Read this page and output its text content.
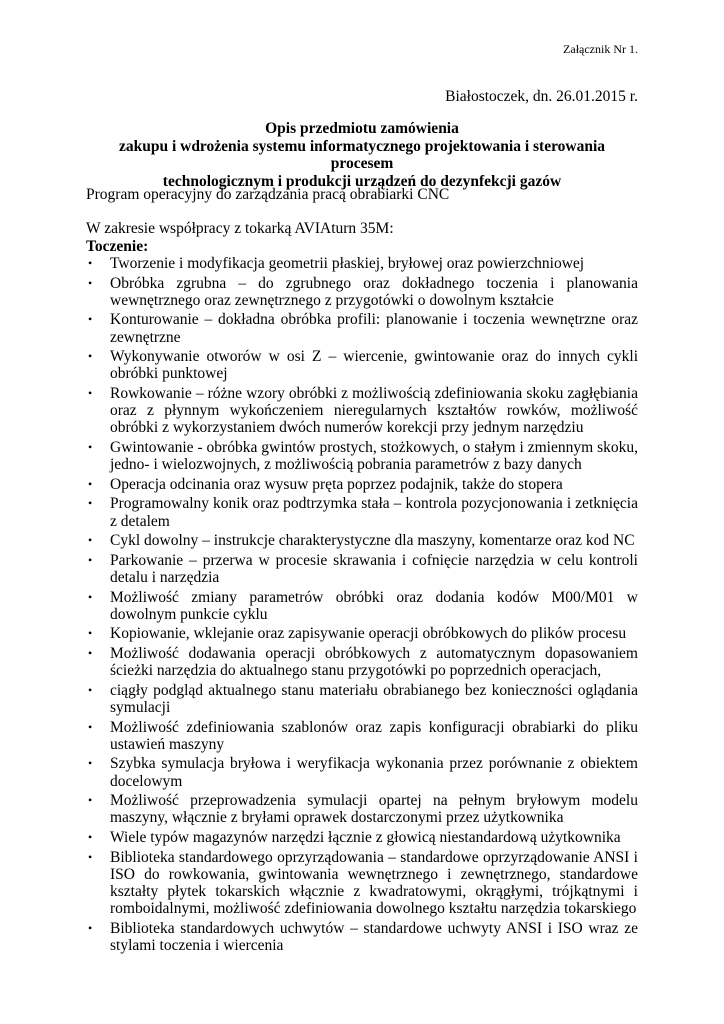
Załącznik Nr 1.
Białostoczek, dn. 26.01.2015 r.
Opis przedmiotu zamówienia
zakupu i wdrożenia systemu informatycznego projektowania i sterowania procesem
technologicznym i produkcji urządzeń do dezynfekcji gazów
Program operacyjny do zarządzania pracą obrabiarki CNC
W zakresie współpracy z tokarką AVIAturn 35M:
Toczenie:
• Tworzenie i modyfikacja geometrii płaskiej, bryłowej oraz powierzchniowej
• Obróbka zgrubna – do zgrubnego oraz dokładnego toczenia i planowania wewnętrznego oraz zewnętrznego z przygotówki o dowolnym kształcie
• Konturowanie – dokładna obróbka profili: planowanie i toczenia wewnętrzne oraz zewnętrzne
• Wykonywanie otworów w osi Z – wiercenie, gwintowanie oraz do innych cykli obróbki punktowej
• Rowkowanie – różne wzory obróbki z możliwością zdefiniowania skoku zagłębiania oraz z płynnym wykończeniem nieregularnych kształtów rowków, możliwość obróbki z wykorzystaniem dwóch numerów korekcji przy jednym narzędziu
• Gwintowanie - obróbka gwintów prostych, stożkowych, o stałym i zmiennym skoku, jedno- i wielozwojnych, z możliwością pobrania parametrów z bazy danych
• Operacja odcinania oraz wysuw pręta poprzez podajnik, także do stopera
• Programowalny konik oraz podtrzymka stała – kontrola pozycjonowania i zetknięcia z detalem
• Cykl dowolny – instrukcje charakterystyczne dla maszyny, komentarze oraz kod NC
• Parkowanie – przerwa w procesie skrawania i cofnięcie narzędzia w celu kontroli detalu i narzędzia
• Możliwość zmiany parametrów obróbki oraz dodania kodów M00/M01 w dowolnym punkcie cyklu
• Kopiowanie, wklejanie oraz zapisywanie operacji obróbkowych do plików procesu
• Możliwość dodawania operacji obróbkowych z automatycznym dopasowaniem ścieżki narzędzia do aktualnego stanu przygotówki po poprzednich operacjach,
• ciągły podgląd aktualnego stanu materiału obrabianego bez konieczności oglądania symulacji
• Możliwość zdefiniowania szablonów oraz zapis konfiguracji obrabiarki do pliku ustawień maszyny
• Szybka symulacja bryłowa i weryfikacja wykonania przez porównanie z obiektem docelowym
• Możliwość przeprowadzenia symulacji opartej na pełnym bryłowym modelu maszyny, włącznie z bryłami oprawek dostarczonymi przez użytkownika
• Wiele typów magazynów narzędzi łącznie z głowicą niestandardową użytkownika
• Biblioteka standardowego oprzyrządowania – standardowe oprzyrządowanie ANSI i ISO do rowkowania, gwintowania wewnętrznego i zewnętrznego, standardowe kształty płytek tokarskich włącznie z kwadratowymi, okrągłymi, trójkątnymi i romboidalnymi, możliwość zdefiniowania dowolnego kształtu narzędzia tokarskiego
• Biblioteka standardowych uchwytów – standardowe uchwyty ANSI i ISO wraz ze stylami toczenia i wiercenia
